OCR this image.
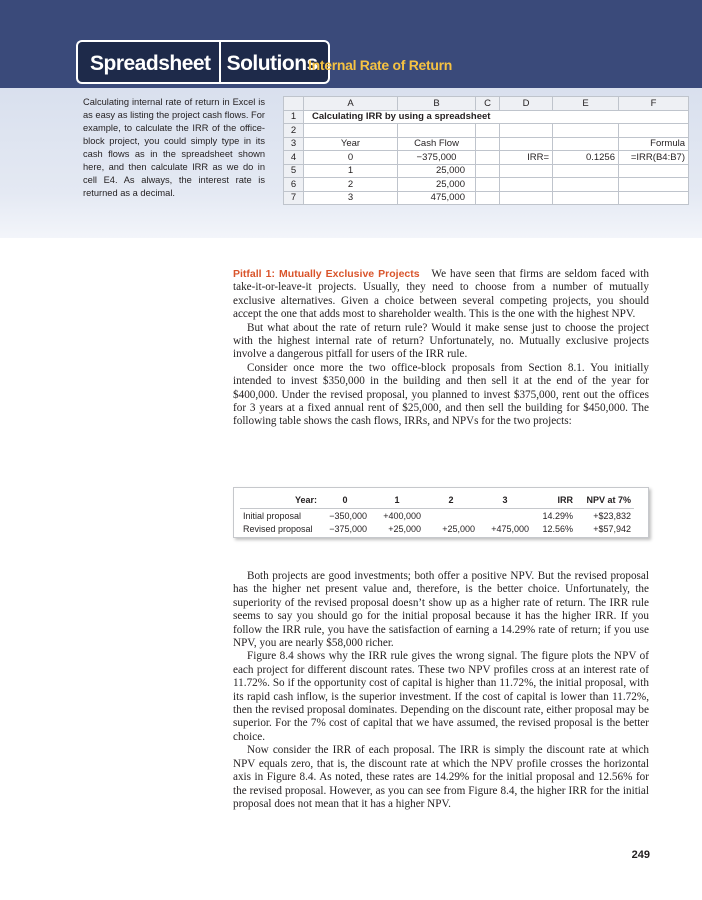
Spreadsheet Solutions
Internal Rate of Return
Calculating internal rate of return in Excel is as easy as listing the project cash flows. For example, to calculate the IRR of the office-block project, you could simply type in its cash flows as in the spreadsheet shown here, and then calculate IRR as we do in cell E4. As always, the interest rate is returned as a decimal.
	A	B	C	D	E	F
1	Calculating IRR by using a spreadsheet					
2						
3	Year	Cash Flow				Formula
4	0	−375,000		IRR=	0.1256	=IRR(B4:B7)
5	1	25,000				
6	2	25,000				
7	3	475,000				

Pitfall 1: Mutually Exclusive Projects We have seen that firms are seldom faced with take-it-or-leave-it projects. Usually, they need to choose from a number of mutually exclusive alternatives. Given a choice between several competing projects, you should accept the one that adds most to shareholder wealth. This is the one with the highest NPV.

But what about the rate of return rule? Would it make sense just to choose the project with the highest internal rate of return? Unfortunately, no. Mutually exclusive projects involve a dangerous pitfall for users of the IRR rule.

Consider once more the two office-block proposals from Section 8.1. You initially intended to invest $350,000 in the building and then sell it at the end of the year for $400,000. Under the revised proposal, you planned to invest $375,000, rent out the offices for 3 years at a fixed annual rent of $25,000, and then sell the building for $450,000. The following table shows the cash flows, IRRs, and NPVs for the two projects:

Year:	0	1	2	3	IRR	NPV at 7%
Initial proposal	−350,000	+400,000			14.29%	+$23,832
Revised proposal	−375,000	+25,000	+25,000	+475,000	12.56%	+$57,942

Both projects are good investments; both offer a positive NPV. But the revised proposal has the higher net present value and, therefore, is the better choice. Unfortunately, the superiority of the revised proposal doesn’t show up as a higher rate of return. The IRR rule seems to say you should go for the initial proposal because it has the higher IRR. If you follow the IRR rule, you have the satisfaction of earning a 14.29% rate of return; if you use NPV, you are nearly $58,000 richer.

Figure 8.4 shows why the IRR rule gives the wrong signal. The figure plots the NPV of each project for different discount rates. These two NPV profiles cross at an interest rate of 11.72%. So if the opportunity cost of capital is higher than 11.72%, the initial proposal, with its rapid cash inflow, is the superior investment. If the cost of capital is lower than 11.72%, then the revised proposal dominates. Depending on the discount rate, either proposal may be superior. For the 7% cost of capital that we have assumed, the revised proposal is the better choice.

Now consider the IRR of each proposal. The IRR is simply the discount rate at which NPV equals zero, that is, the discount rate at which the NPV profile crosses the horizontal axis in Figure 8.4. As noted, these rates are 14.29% for the initial proposal and 12.56% for the revised proposal. However, as you can see from Figure 8.4, the higher IRR for the initial proposal does not mean that it has a higher NPV.

249
